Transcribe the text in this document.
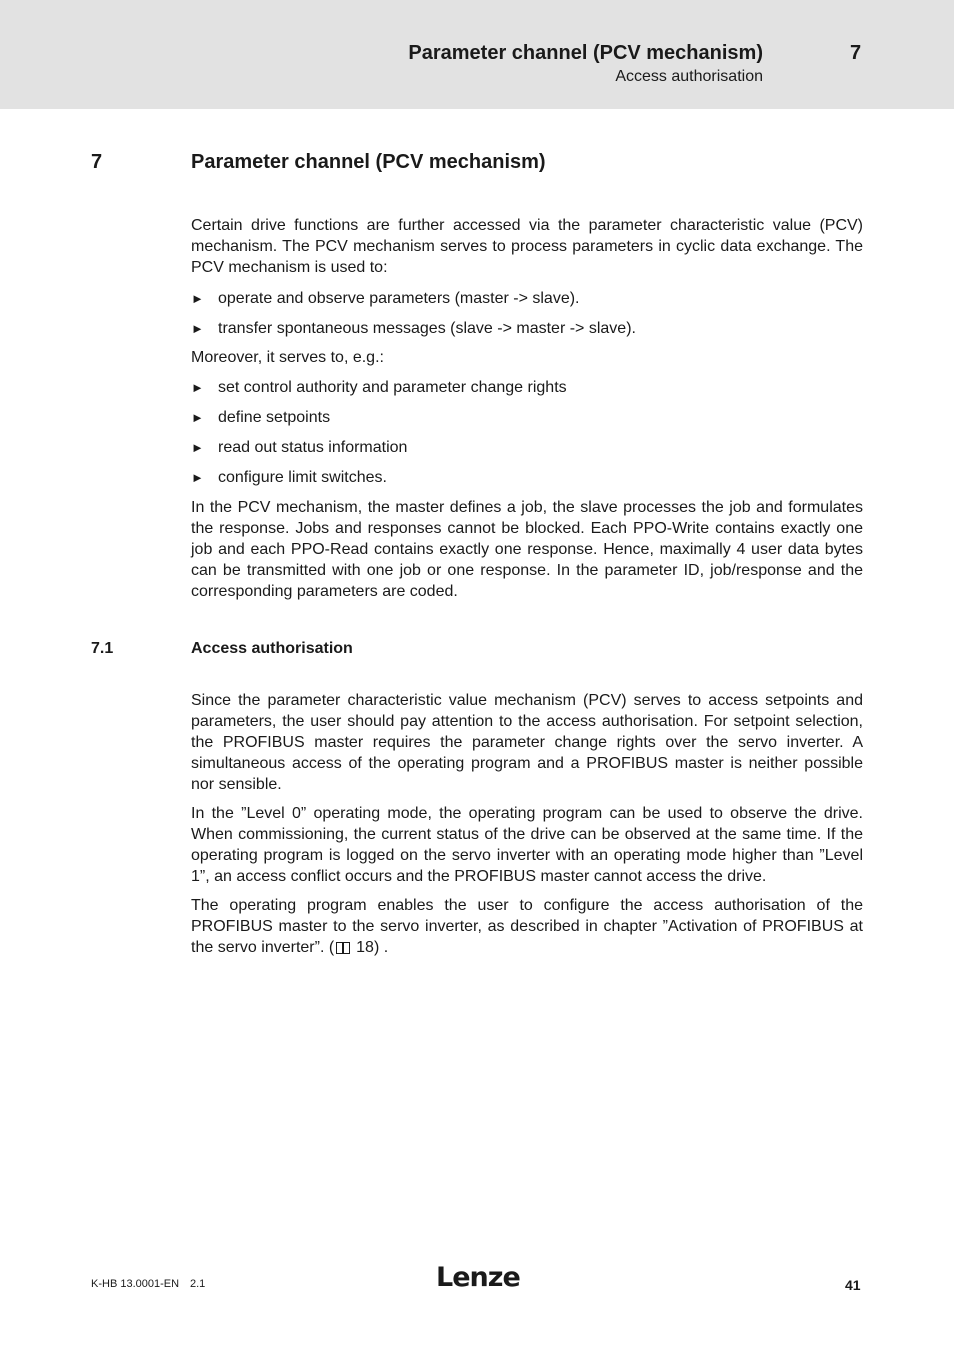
Parameter channel (PCV mechanism)	7
Access authorisation
7	Parameter channel (PCV mechanism)

Certain drive functions are further accessed via the parameter characteristic value (PCV) mechanism. The PCV mechanism serves to process parameters in cyclic data exchange. The PCV mechanism is used to:

► operate and observe parameters (master -> slave).
► transfer spontaneous messages (slave -> master -> slave).
Moreover, it serves to, e.g.:
► set control authority and parameter change rights
► define setpoints
► read out status information
► configure limit switches.

In the PCV mechanism, the master defines a job, the slave processes the job and formulates the response. Jobs and responses cannot be blocked. Each PPO-Write contains exactly one job and each PPO-Read contains exactly one response. Hence, maximally 4 user data bytes can be transmitted with one job or one response. In the parameter ID, job/response and the corresponding parameters are coded.

7.1	Access authorisation

Since the parameter characteristic value mechanism (PCV) serves to access setpoints and parameters, the user should pay attention to the access authorisation. For setpoint selection, the PROFIBUS master requires the parameter change rights over the servo inverter. A simultaneous access of the operating program and a PROFIBUS master is neither possible nor sensible.

In the ”Level 0” operating mode, the operating program can be used to observe the drive. When commissioning, the current status of the drive can be observed at the same time. If the operating program is logged on the servo inverter with an operating mode higher than ”Level 1”, an access conflict occurs and the PROFIBUS master cannot access the drive.

The operating program enables the user to configure the access authorisation of the PROFIBUS master to the servo inverter, as described in chapter ”Activation of PROFIBUS at the servo inverter”. ( 18) .

K-HB 13.0001-EN 2.1	Lenze	41
